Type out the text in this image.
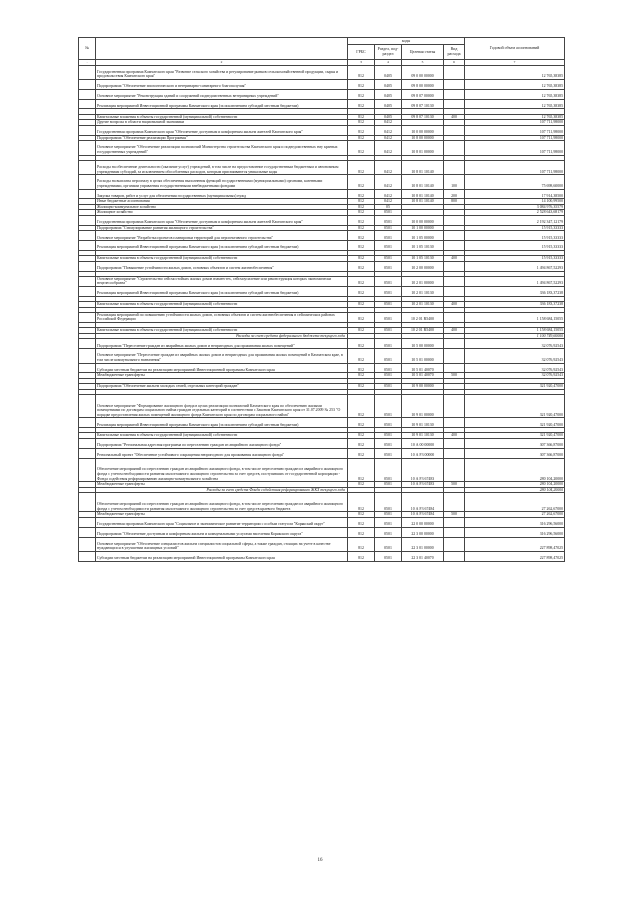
№		коды				Годовой объем ассигнований
		ГРБС	Раздел, под-раздел	Целевая статья	Вид расхода	
.	2	3	4	5	6	7
	Государственная программа Камчатского края "Развитие сельского хозяйства и регулирование рынков сельскохозяйственной продукции, сырья и продовольствия Камчатского края"	812	0405	09 0 00 00000		12 765,38385
	Подпрограмма "Обеспечение эпизоотического и ветеринарно-санитарного благополучия"	812	0405	09 8 00 00000		12 765,38385
	Основное мероприятие "Реконструкция зданий и сооружений подведомственных ветеринарных учреждений"	812	0405	09 8 07 00000		12 765,38385
	Реализация мероприятий Инвестиционной программы Камчатского края (за исключением субсидий местным бюджетам)	812	0405	09 8 07 10130		12 765,38385

	Капитальные вложения в объекты государственной (муниципальной) собственности	812	0405	09 8 07 10130	400	12 765,38385
	Другие вопросы в области национальной экономики	812	0412			107 711,98000
	Государственная программа Камчатского края "Обеспечение доступным и комфортным жильем жителей Камчатского края"	812	0412	10 0 00 00000		107 711,98000
	Подпрограмма "Обеспечение реализации Программы"	812	0412	10 8 00 00000		107 711,98000
	Основное мероприятие "Обеспечение реализации полномочий Министерства строительства Камчатского края и подведомственных ему краевых государственных учреждений"	812	0412	10 8 01 00000		107 711,98000

	Расходы на обеспечение деятельности (оказание услуг) учреждений, в том числе на предоставление государственным бюджетным и автономным учреждениям субсидий, за исключением обособленных расходов, которым присваиваются уникальные коды	812	0412	10 8 01 10140		107 711,98000
	Расходы на выплаты персоналу в целях обеспечения выполнения функций государственными (муниципальными) органами, казенными учреждениями, органами управления государственными внебюджетными фондами	812	0412	10 8 01 10140	100	75 698,60000
	Закупка товаров, работ и услуг для обеспечения государственных (муниципальных) нужд	812	0412	10 8 01 10140	200	17 914,38500
	Иные бюджетные ассигнования	812	0412	10 8 01 10140	800	14 100,99500
	Жилищно-коммунальное хозяйство	812	05			3 084 976,35579
	Жилищное хозяйство	812	0501			2 528 643,68179
	Государственная программа Камчатского края "Обеспечение доступным и комфортным жильем жителей Камчатского края"	812	0501	10 0 00 00000		2 192 347,12179
	Подпрограмма "Стимулирование развития жилищного строительства"	812	0501	10 1 00 00000		15 915,33333
	Основное мероприятие "Разработка проектов планировки территорий для перспективного строительства"	812	0501	10 1 05 00000		15 915,33333
	Реализация мероприятий Инвестиционной программы Камчатского края (за исключением субсидий местным бюджетам)	812	0501	10 1 05 10130		15 915,33333

	Капитальные вложения в объекты государственной (муниципальной) собственности	812	0501	10 1 05 10130	400	15 915,33333
	Подпрограмма "Повышение устойчивости жилых домов, основных объектов и систем жизнеобеспечения"	812	0501	10 2 00 00000		1 494 867,52293

	Основное мероприятие "Строительство сейсмостойких жилых домов взамен тех, сейсмоусиление или реконструкция которых экономически нецелесообразна"	812	0501	10 2 01 00000		1 494 867,52293
	Реализация мероприятий Инвестиционной программы Камчатского края (за исключением субсидий местным бюджетам)	812	0501	10 2 01 10130		336 183,37238

	Капитальные вложения в объекты государственной (муниципальной) собственности	812	0501	10 2 01 10130	400	336 183,37238

	Реализация мероприятий по повышению устойчивости жилых домов, основных объектов и систем жизнеобеспечения в сейсмических районах Российской Федерации	812	0501	10 2 01 R5400		1 158 684,15055

	Капитальные вложения в объекты государственной (муниципальной) собственности	812	0501	10 2 01 R5400	400	1 158 684,15055
	Расходы за счет средств федерального бюджета текущего года					1 100 749,60000
	Подпрограмма "Переселение граждан из аварийных жилых домов и непригодных для проживания жилых помещений"	812	0501	10 5 00 00000		32 076,92543
	Основное мероприятие "Переселение граждан из аварийных жилых домов и непригодных для проживания жилых помещений в Камчатском крае, в том числе коммунального назначения"	812	0501	10 5 01 00000		32 076,92543
	Субсидии местным бюджетам на реализацию мероприятий Инвестиционной программы Камчатского края	812	0501	10 5 01 40070		32 076,92543
	Межбюджетные трансферты	812	0501	10 5 01 40070	500	32 076,92543

	Подпрограмма "Обеспечение жильем молодых семей, отдельных категорий граждан"	812	0501	10 9 00 00000		321 920,47000

	Основное мероприятие "Формирование жилищного фонда в целях реализации полномочий Камчатского края по обеспечению жилыми помещениями по договорам социального найма граждан отдельных категорий в соответствии с Законом Камчатского края от 31.07.2009 № 253 "О порядке предоставления жилых помещений жилищного фонда Камчатского края по договорам социального найма"	812	0501	10 9 01 00000		321 920,47000
	Реализация мероприятий Инвестиционной программы Камчатского края (за исключением субсидий местным бюджетам)	812	0501	10 9 01 10130		321 920,47000

	Капитальные вложения в объекты государственной (муниципальной) собственности	812	0501	10 9 01 10130	400	321 920,47000
	Подпрограмма "Региональная адресная программа по переселению граждан из аварийного жилищного фонда"	812	0501	10 А 00 00000		307 366,87000
	Региональный проект "Обеспечение устойчивого сокращения непригодного для проживания жилищного фонда"	812	0501	10 А F3 00000		307 366,87000
	Обеспечение мероприятий по переселению граждан из аварийного жилищного фонда, в том числе переселению граждан из аварийного жилищного фонда с учетом необходимости развития малоэтажного жилищного строительства за счет средств, поступивших от государственной корпорации - Фонда содействия реформированию жилищно-коммунального хозяйства	812	0501	10 А F3 67483		280 104,20000
	Межбюджетные трансферты	812	0501	10 А F3 67483	500	280 104,20000
	Расходы за счет средств Фонда содействия реформированию ЖКХ текущего года					280 104,20000
	Обеспечение мероприятий по переселению граждан из аварийного жилищного фонда, в том числе переселению граждан из аварийного жилищного фонда с учетом необходимости развития малоэтажного жилищного строительства за счет средств краевого бюджета	812	0501	10 А F3 67484		27 262,67000
	Межбюджетные трансферты	812	0501	10 А F3 67484	500	27 262,67000
	Государственная программа Камчатского края "Социальное и экономическое развитие территории с особым статусом "Корякский округ"	812	0501	22 0 00 00000		316 296,56000
	Подпрограмма "Обеспечение доступным и комфортным жильем и коммунальными услугами населения Корякского округа"	812	0501	22 3 00 00000		316 296,56000
	Основное мероприятие "Обеспечение специалистов жильем специалистов социальной сферы, а также граждан, стоящих на учете в качестве нуждающихся в улучшении жилищных условий"	812	0501	22 3 01 00000		227 898,47025
	Субсидии местным бюджетам на реализацию мероприятий Инвестиционной программы Камчатского края	812	0501	22 3 01 40070		227 898,47025
16
